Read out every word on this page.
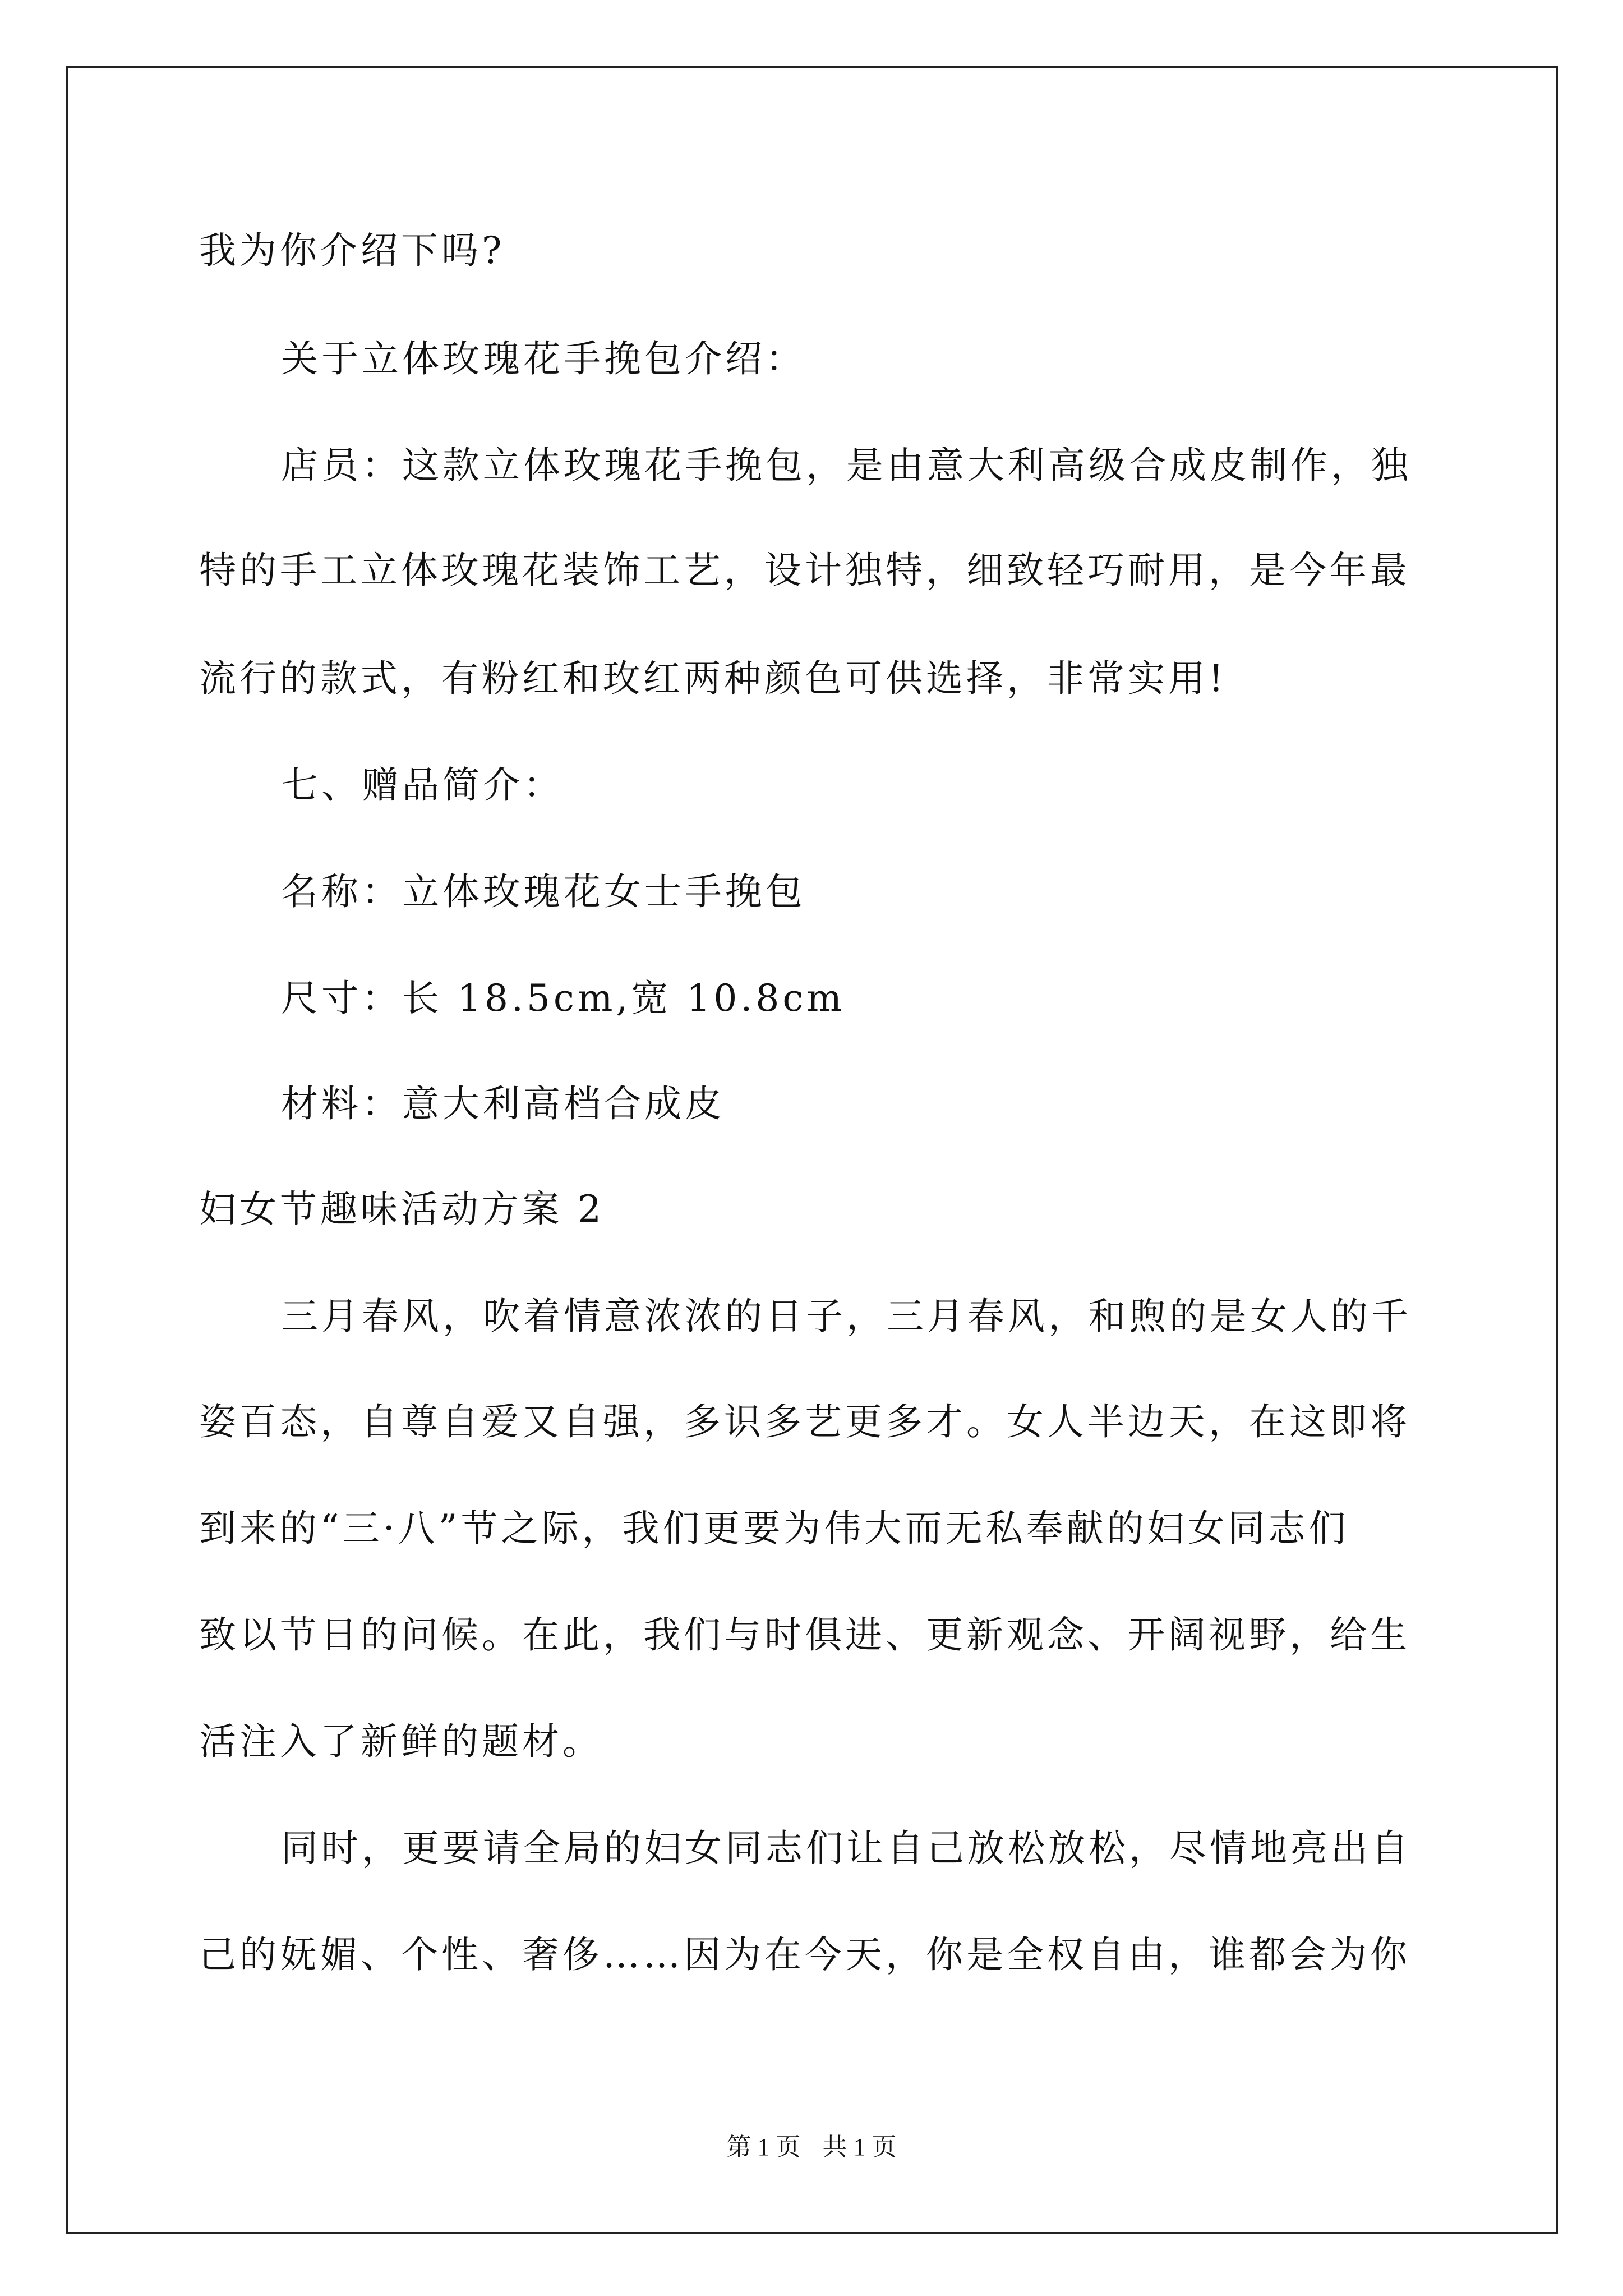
我为你介绍下吗?
关于立体玫瑰花手挽包介绍：
店员：这款立体玫瑰花手挽包，是由意大利高级合成皮制作，独
特的手工立体玫瑰花装饰工艺，设计独特，细致轻巧耐用，是今年最
流行的款式，有粉红和玫红两种颜色可供选择，非常实用!
七、赠品简介：
名称：立体玫瑰花女士手挽包
尺寸：长 18.5cm,宽 10.8cm
材料：意大利高档合成皮
妇女节趣味活动方案 2
三月春风，吹着情意浓浓的日子，三月春风，和煦的是女人的千
姿百态，自尊自爱又自强，多识多艺更多才。女人半边天，在这即将
到来的“三·八”节之际，我们更要为伟大而无私奉献的妇女同志们
致以节日的问候。在此，我们与时俱进、更新观念、开阔视野，给生
活注入了新鲜的题材。
同时，更要请全局的妇女同志们让自己放松放松，尽情地亮出自
己的妩媚、个性、奢侈……因为在今天，你是全权自由，谁都会为你
第 1 页 共 1 页
